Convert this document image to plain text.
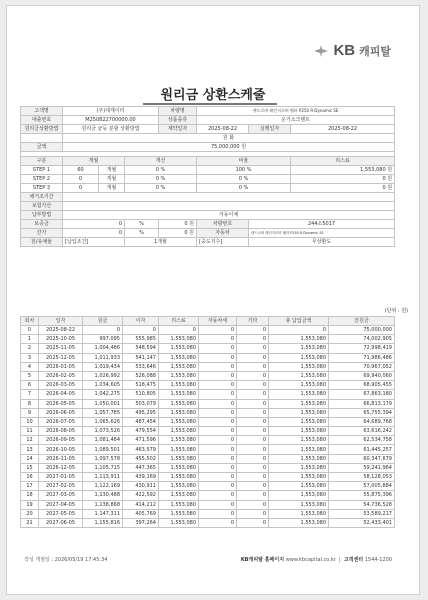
KB 캐피탈
원리금 상환스케줄
고객명	(주)대제이터			차량명	랜드로버 레인지로버 벨라 P250 R-Dynamic SE		
대출번호	M250822700000.00			상품종류	운기소크렌트		
원리금상환방법	원리금 균등 분할 상환방법			계약일자	2025-08-22	실행일자	2025-08-22
	원 화						
금액	75,000,000 원						

구분	개월		개산		비율		리스료
STEP 1	60	개월	0 %		100 %		1,553,080 원
STEP 2	0	개월	0 %		0 %		0 원
STEP 3	0	개월	0 %		0 %		0 원
채거조기간							
보험가산							
납부방법	자동이체						
보증금	0		%	0 원	차량번호	244소5017	
잔가	0		%	0 원	자동차	랜드로버 레인지로버 벨라 P250 R-Dynamic SE	
원/유예율	[납입조건]		1개월		[중도지수]	무상환도	
(단위 : 원)
회차	일자	원금	이자	리스료	자동차세	기타	총 납입금액	잔원금
0	2025-08-22	0	0	0	0	0	0	75,000,000
1	2025-10-05	997,095	555,985	1,553,080	0	0	1,553,080	74,002,905
2	2025-11-05	1,004,486	548,594	1,553,080	0	0	1,553,080	72,998,419
3	2025-12-05	1,011,933	541,147	1,553,080	0	0	1,553,080	71,986,486
4	2026-01-05	1,019,434	533,646	1,553,080	0	0	1,553,080	70,967,052
5	2026-02-05	1,026,992	526,088	1,553,080	0	0	1,553,080	69,940,060
6	2026-03-05	1,034,605	518,475	1,553,080	0	0	1,553,080	68,905,455
7	2026-04-05	1,042,275	510,805	1,553,080	0	0	1,553,080	67,863,180
8	2026-05-05	1,050,001	503,079	1,553,080	0	0	1,553,080	66,813,179
9	2026-06-05	1,057,785	495,295	1,553,080	0	0	1,553,080	65,755,394
10	2026-07-05	1,065,626	487,454	1,553,080	0	0	1,553,080	64,689,768
11	2026-08-05	1,073,526	479,554	1,553,080	0	0	1,553,080	63,616,242
12	2026-09-05	1,081,484	471,596	1,553,080	0	0	1,553,080	62,534,758
13	2026-10-05	1,089,501	463,579	1,553,080	0	0	1,553,080	61,445,257
14	2026-11-05	1,097,578	455,502	1,553,080	0	0	1,553,080	60,347,679
15	2026-12-05	1,105,715	447,365	1,553,080	0	0	1,553,080	59,241,964
16	2027-01-05	1,113,911	439,169	1,553,080	0	0	1,553,080	58,128,053
17	2027-02-05	1,122,169	430,911	1,553,080	0	0	1,553,080	57,005,884
18	2027-03-05	1,130,488	422,592	1,553,080	0	0	1,553,080	55,875,396
19	2027-04-05	1,138,868	414,212	1,553,080	0	0	1,553,080	54,736,528
20	2027-05-05	1,147,311	405,769	1,553,080	0	0	1,553,080	53,589,217
21	2027-06-05	1,155,816	397,264	1,553,080	0	0	1,553,080	52,433,401
작성 개점일 : 2026/05/19 17:45:34	KB캐피탈 홈페이지 www.kbcapital.co.kr  |  고객센터 1544-1200
